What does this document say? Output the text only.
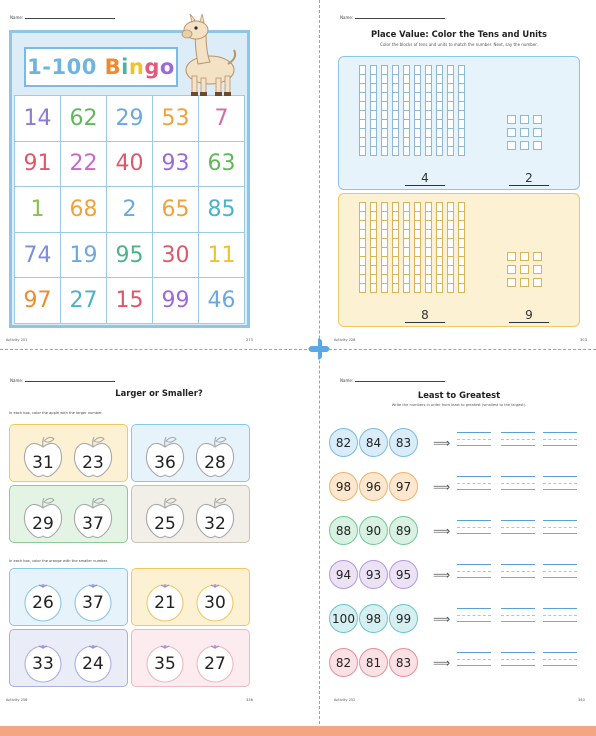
Name:
1-100 Bingo
14 62 29 53	7
91 22 40 93 63
1	68	2	65 85
74 19 95 30 11
97 27 15 99 46
Activity 201	273
Name:
Place Value: Color the Tens and Units
Color the blocks of tens and units to match the number. Next, say the number.
4	2
8	9
Activity 228	303
Name:
Larger or Smaller?
In each box, color the apple with the larger number.
31	23	36	28
29	37	25	32
In each box, color the orange with the smaller number.
26	37	21	30
33	24	35	27
Activity 256	336
Name:
Least to Greatest
Write the numbers in order from least to greatest (smallest to the largest).
82	84	83	⟹
98	96	97	⟹
88	90	89	⟹
94	93	95	⟹
100 98	99	⟹
82	81	83	⟹
Activity 252	340
